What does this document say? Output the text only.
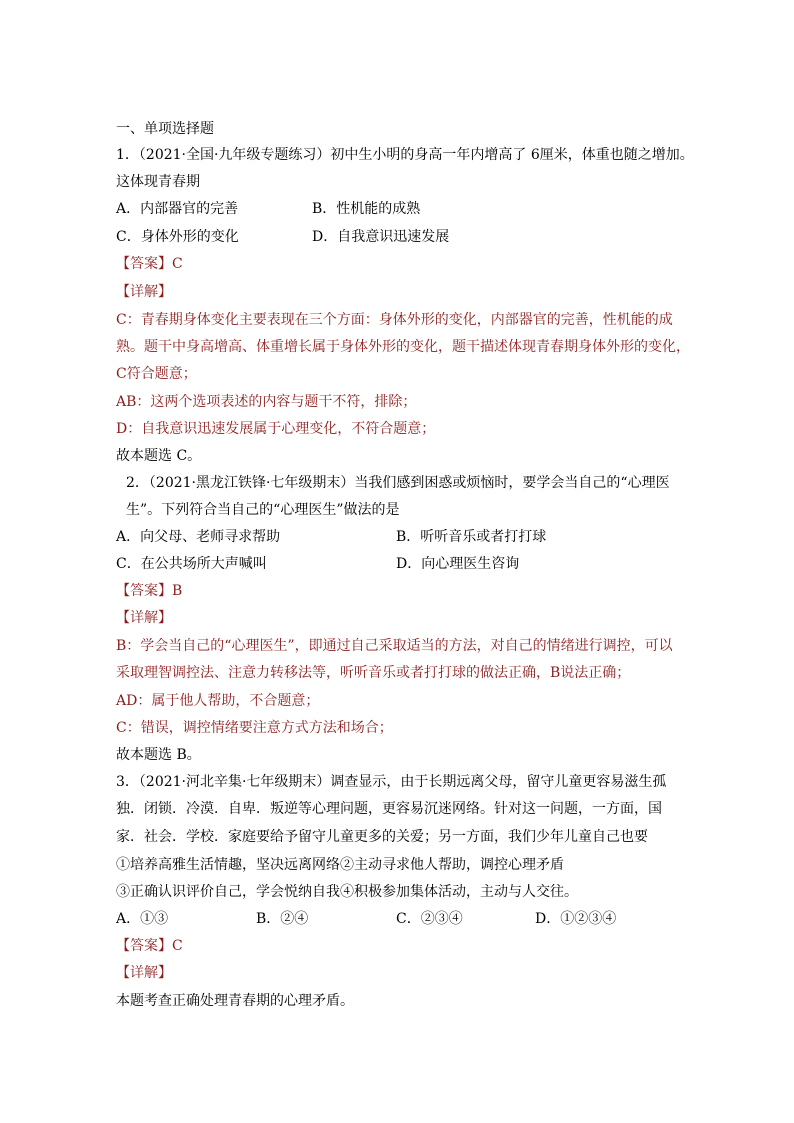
一、单项选择题
1．（2021·全国·九年级专题练习）初中生小明的身高一年内增高了 6厘米，体重也随之增加。
这体现青春期
A．内部器官的完善	B．性机能的成熟
C．身体外形的变化	D．自我意识迅速发展
【答案】C
【详解】
C：青春期身体变化主要表现在三个方面：身体外形的变化，内部器官的完善，性机能的成
熟。题干中身高增高、体重增长属于身体外形的变化，题干描述体现青春期身体外形的变化，
C符合题意；
AB：这两个选项表述的内容与题干不符，排除；
D：自我意识迅速发展属于心理变化，不符合题意；
故本题选 C。
2．（2021·黑龙江铁锋·七年级期末）当我们感到困惑或烦恼时，要学会当自己的“心理医
生”。下列符合当自己的“心理医生”做法的是
A．向父母、老师寻求帮助	B．听听音乐或者打打球
C．在公共场所大声喊叫	D．向心理医生咨询
【答案】B
【详解】
B：学会当自己的“心理医生”，即通过自己采取适当的方法，对自己的情绪进行调控，可以
采取理智调控法、注意力转移法等，听听音乐或者打打球的做法正确，B说法正确；
AD：属于他人帮助，不合题意；
C：错误，调控情绪要注意方式方法和场合；
故本题选 B。
3．（2021·河北辛集·七年级期末）调查显示，由于长期远离父母，留守儿童更容易滋生孤
独．闭锁．冷漠．自卑．叛逆等心理问题，更容易沉迷网络。针对这一问题，一方面，国
家．社会．学校．家庭要给予留守儿童更多的关爱；另一方面，我们少年儿童自己也要
①培养高雅生活情趣，坚决远离网络②主动寻求他人帮助，调控心理矛盾
③正确认识评价自己，学会悦纳自我④积极参加集体活动，主动与人交往。
A．①③	B．②④	C．②③④	D．①②③④
【答案】C
【详解】
本题考查正确处理青春期的心理矛盾。
